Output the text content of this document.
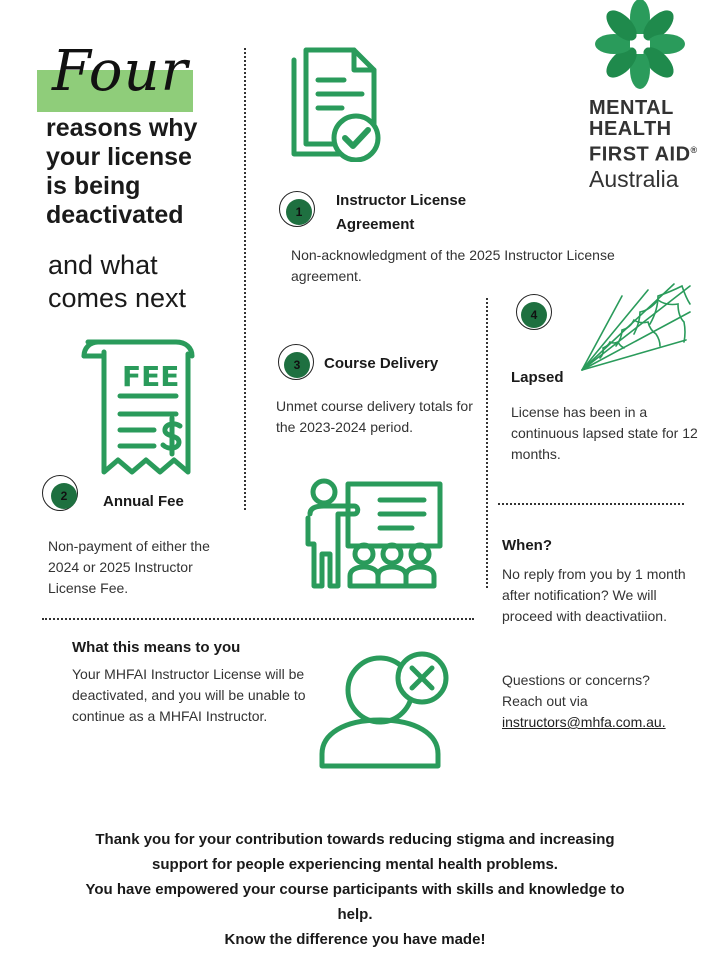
Four
reasons why
your license
is being
deactivated
and what
comes next
MENTAL
HEALTH
FIRST AID®
Australia
1
Instructor License
Agreement
Non-acknowledgment of the 2025 Instructor License agreement.
FEE
2	Annual Fee
Non-payment of either the 2024 or 2025 Instructor License Fee.
3	Course Delivery
Unmet course delivery totals for the 2023-2024 period.
4
Lapsed
License has been in a continuous lapsed state for 12 months.
When?
No reply from you by 1 month after notification? We will proceed with deactivatiion.
Questions or concerns? Reach out via
instructors@mhfa.com.au.
What this means to you
Your MHFAI Instructor License will be deactivated, and you will be unable to continue as a MHFAI Instructor.
Thank you for your contribution towards reducing stigma and increasing
support for people experiencing mental health problems.
You have empowered your course participants with skills and knowledge to
help.
Know the difference you have made!
